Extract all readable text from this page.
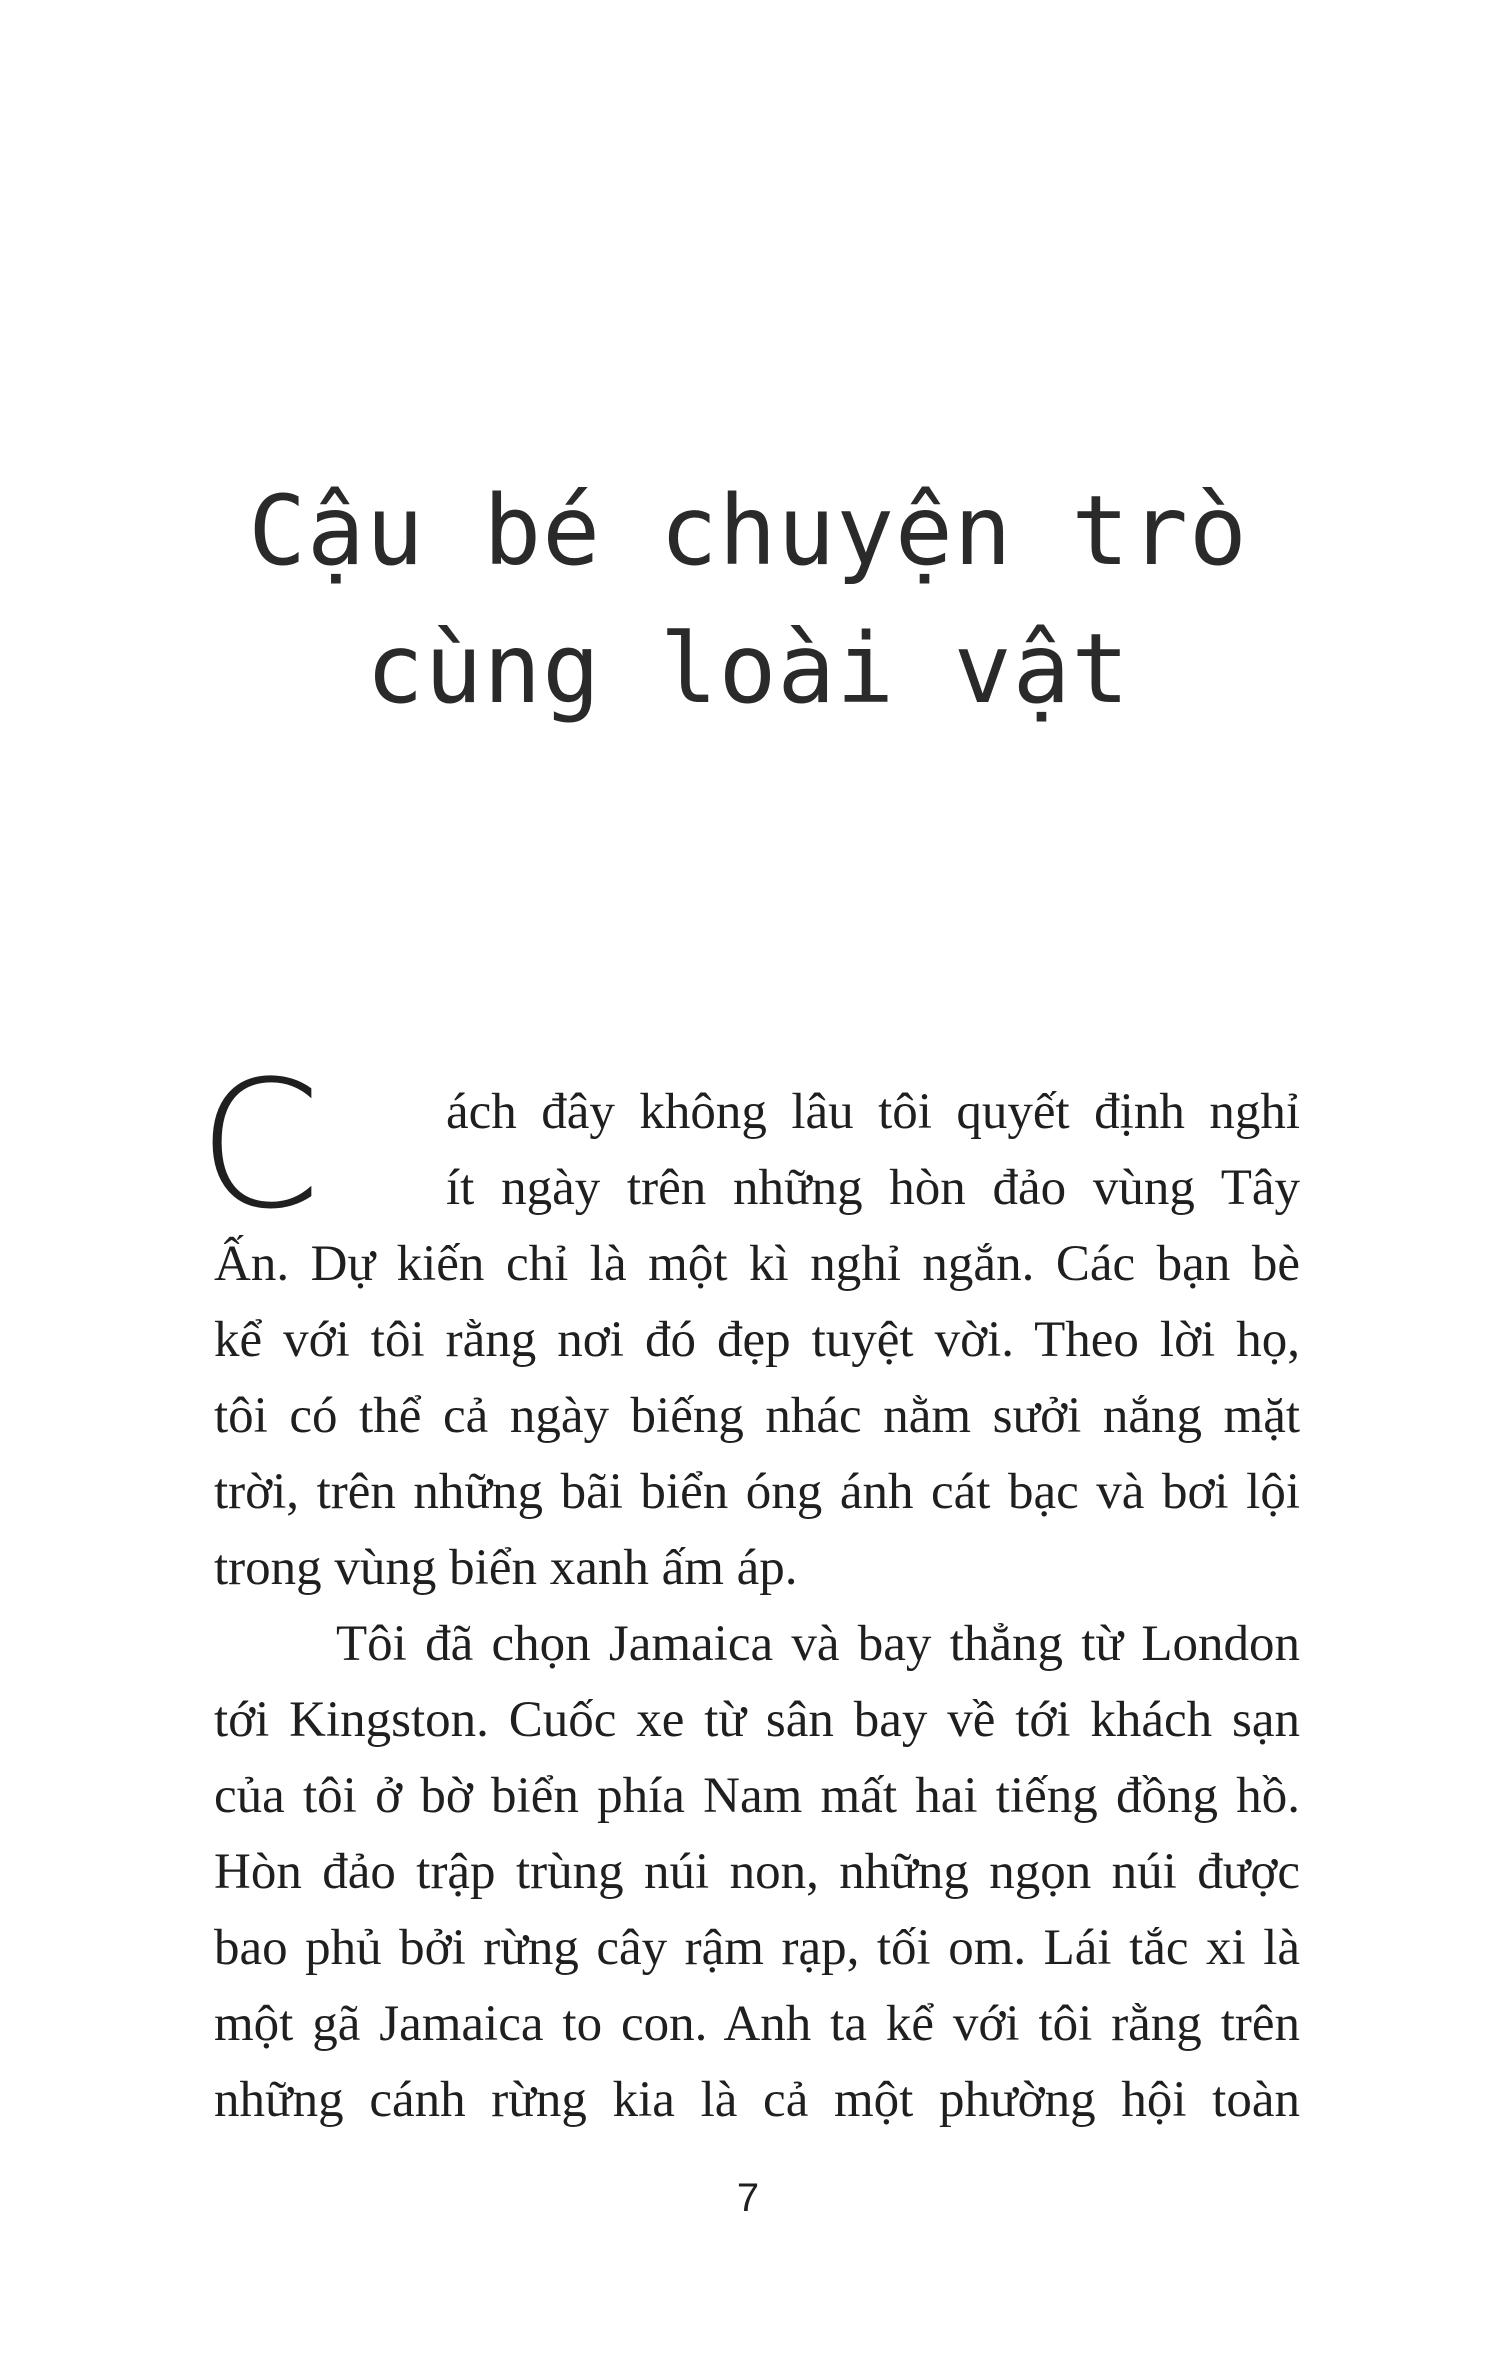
Cậu bé chuyện trò
cùng loài vật
C	ách đây không lâu tôi quyết định nghỉ
ít ngày trên những hòn đảo vùng Tây
Ấn. Dự kiến chỉ là một kì nghỉ ngắn. Các bạn bè
kể với tôi rằng nơi đó đẹp tuyệt vời. Theo lời họ,
tôi có thể cả ngày biếng nhác nằm sưởi nắng mặt
trời, trên những bãi biển óng ánh cát bạc và bơi lội
trong vùng biển xanh ấm áp.
Tôi đã chọn Jamaica và bay thẳng từ London
tới Kingston. Cuốc xe từ sân bay về tới khách sạn
của tôi ở bờ biển phía Nam mất hai tiếng đồng hồ.
Hòn đảo trập trùng núi non, những ngọn núi được
bao phủ bởi rừng cây rậm rạp, tối om. Lái tắc xi là
một gã Jamaica to con. Anh ta kể với tôi rằng trên
những cánh rừng kia là cả một phường hội toàn
7
